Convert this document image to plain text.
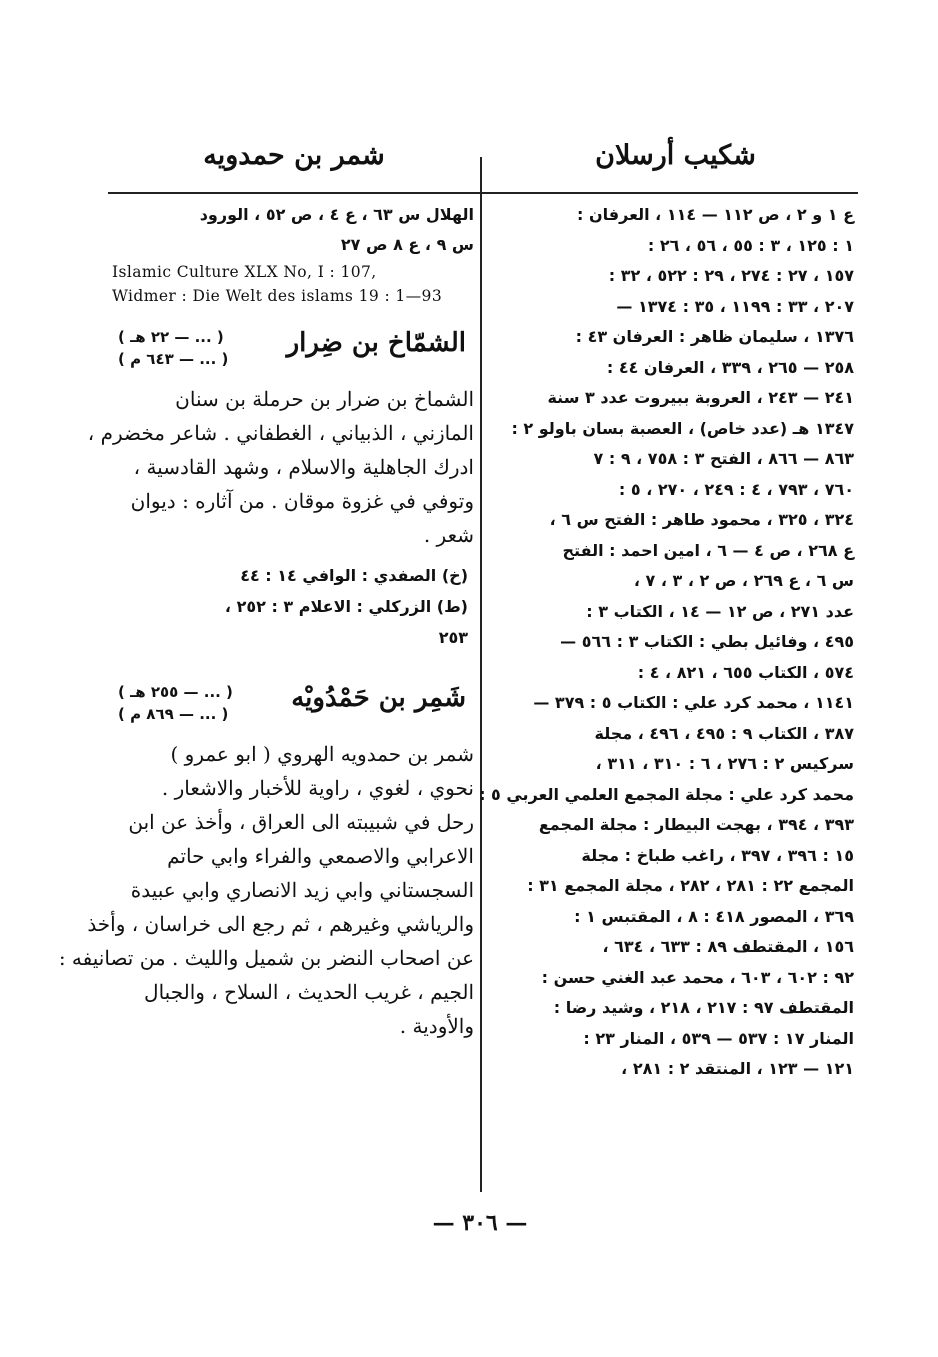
شكيب أرسلان
شمر بن حمدويه
ع ١ و ٢ ، ص ١١٢ — ١١٤ ، العرفان :
١ : ١٢٥ ، ٣ : ٥٥ ، ٥٦ ، ٢٦ :
١٥٧ ، ٢٧ : ٢٧٤ ، ٢٩ : ٥٢٢ ، ٣٢ :
٢٠٧ ، ٣٣ : ١١٩٩ ، ٣٥ : ١٣٧٤ —
١٣٧٦ ، سليمان ظاهر : العرفان ٤٣ :
٢٥٨ — ٢٦٥ ، ٣٣٩ ، العرفان ٤٤ :
٢٤١ — ٢٤٣ ، العروبة ببيروت عدد ٣ سنة
١٣٤٧ هـ (عدد خاص) ، العصبة بسان باولو ٢ :
٨٦٣ — ٨٦٦ ، الفتح ٣ : ٧٥٨ ، ٩ : ٧
٧٦٠ ، ٧٩٣ ، ٤ : ٢٤٩ ، ٢٧٠ ، ٥ :
٣٢٤ ، ٣٢٥ ، محمود طاهر : الفتح س ٦ ،
ع ٢٦٨ ، ص ٤ — ٦ ، امين احمد : الفتح
س ٦ ، ع ٢٦٩ ، ص ٢ ، ٣ ، ٧ ،
عدد ٢٧١ ، ص ١٢ — ١٤ ، الكتاب ٣ :
٤٩٥ ، وفائيل بطي : الكتاب ٣ : ٥٦٦ —
٥٧٤ ، الكتاب ٦٥٥ ، ٨٢١ ، ٤ :
١١٤١ ، محمد كرد علي : الكتاب ٥ : ٣٧٩ —
٣٨٧ ، الكتاب ٩ : ٤٩٥ ، ٤٩٦ ، مجلة
سركيس ٢ : ٢٧٦ ، ٦ : ٣١٠ ، ٣١١ ،
محمد كرد علي : مجلة المجمع العلمي العربي ٥ :
٣٩٣ ، ٣٩٤ ، بهجت البيطار : مجلة المجمع
١٥ : ٣٩٦ ، ٣٩٧ ، راغب طباخ : مجلة
المجمع ٢٢ : ٢٨١ ، ٢٨٢ ، مجلة المجمع ٣١ :
٣٦٩ ، المصور ٤١٨ : ٨ ، المقتبس ١ :
١٥٦ ، المقتطف ٨٩ : ٦٣٣ ، ٦٣٤ ،
٩٢ : ٦٠٢ ، ٦٠٣ ، محمد عبد الغني حسن :
المقتطف ٩٧ : ٢١٧ ، ٢١٨ ، وشيد رضا :
المنار ١٧ : ٥٣٧ — ٥٣٩ ، المنار ٢٣ :
١٢١ — ١٢٣ ، المنتقد ٢ : ٢٨١ ،
الهلال س ٦٣ ، ع ٤ ، ص ٥٢ ، الورود
س ٩ ، ع ٨ ص ٢٧
Islamic Culture XLX No, I : 107,
Widmer : Die Welt des islams 19 : 1—93
الشمّاخ بن ضِرار
( ... — ٢٢ هـ )
( ... — ٦٤٣ م )
الشماخ بن ضرار بن حرملة بن سنان
المازني ، الذبياني ، الغطفاني . شاعر مخضرم ،
ادرك الجاهلية والاسلام ، وشهد القادسية ،
وتوفي في غزوة موقان . من آثاره : ديوان
شعر .
(خ) الصفدي : الوافي ١٤ : ٤٤
(ط) الزركلي : الاعلام ٣ : ٢٥٢ ،
٢٥٣
شَمِر بن حَمْدُويْه
( ... — ٢٥٥ هـ )
( ... — ٨٦٩ م )
شمر بن حمدويه الهروي ( ابو عمرو )
نحوي ، لغوي ، راوية للأخبار والاشعار .
رحل في شبيبته الى العراق ، وأخذ عن ابن
الاعرابي والاصمعي والفراء وابي حاتم
السجستاني وابي زيد الانصاري وابي عبيدة
والرياشي وغيرهم ، ثم رجع الى خراسان ، وأخذ
عن اصحاب النضر بن شميل والليث . من تصانيفه :
الجيم ، غريب الحديث ، السلاح ، والجبال
والأودية .
— ٣٠٦ —
